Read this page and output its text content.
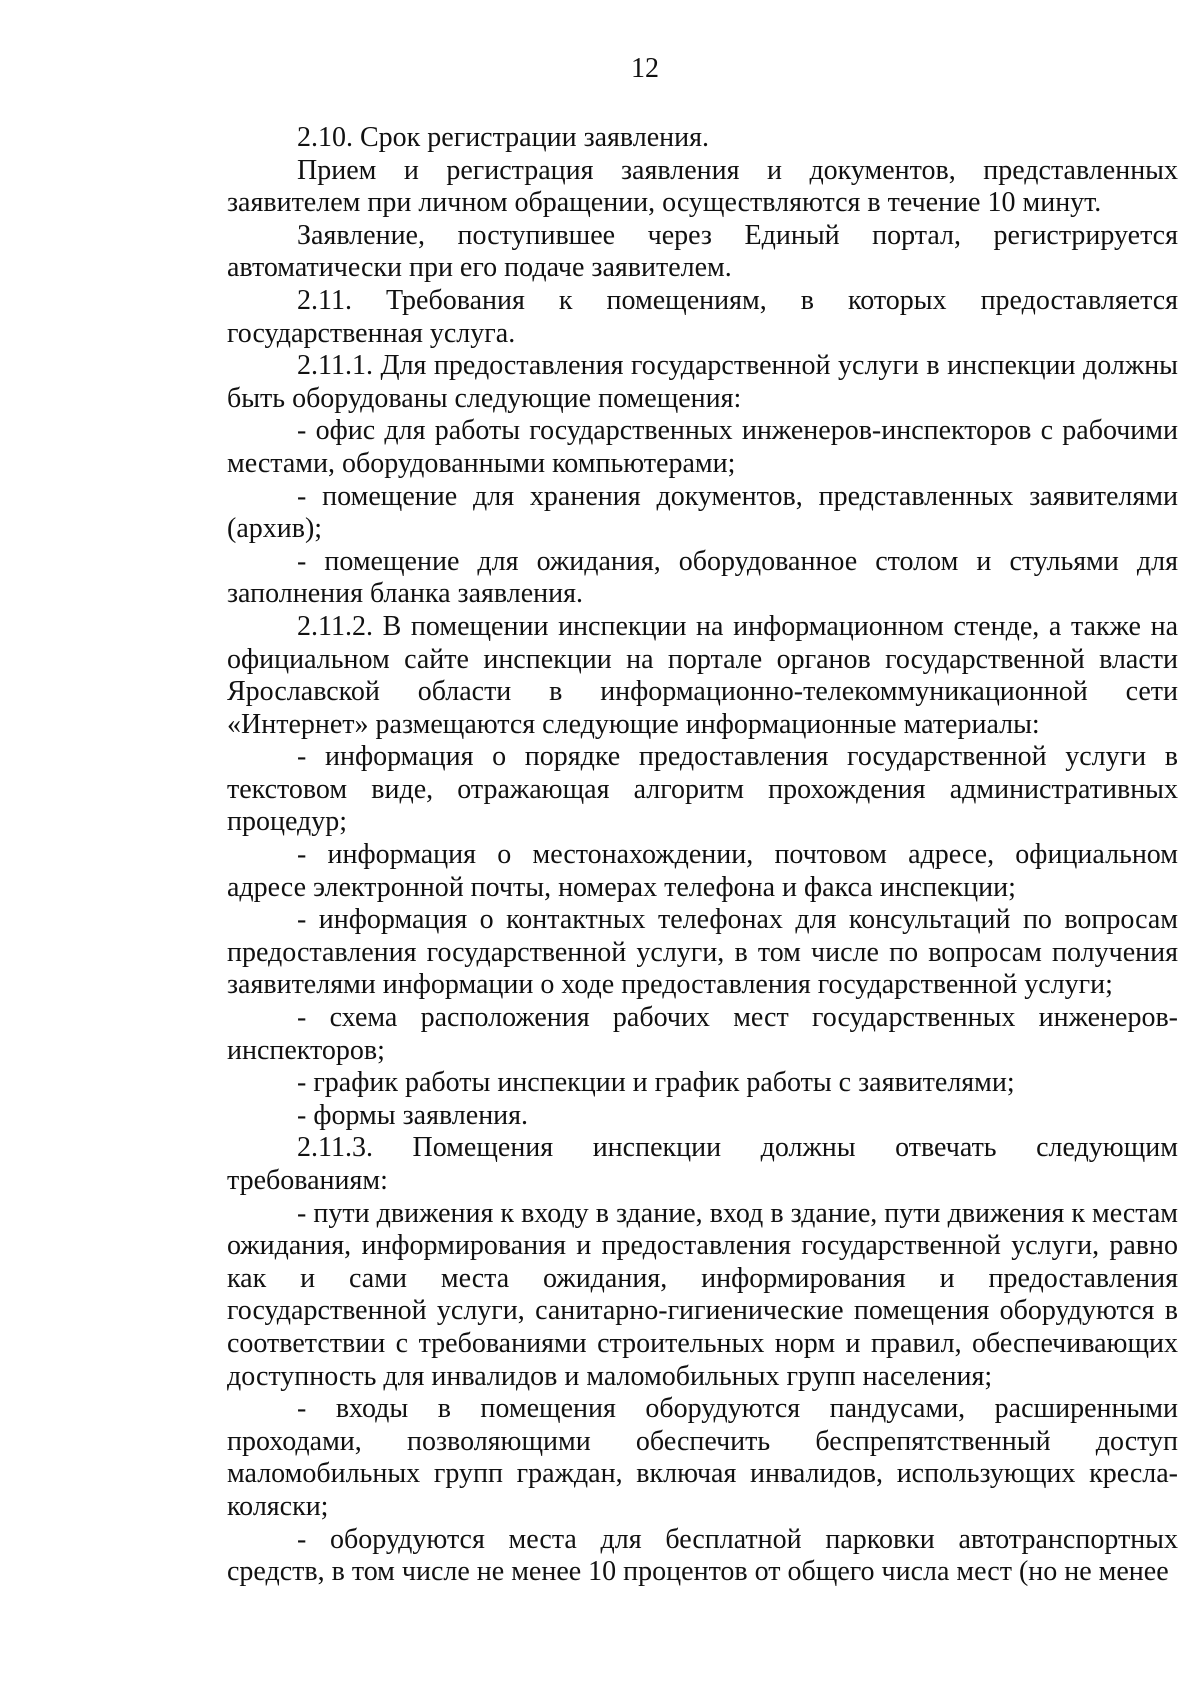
12

2.10. Срок регистрации заявления.

Прием и регистрация заявления и документов, представленных заявителем при личном обращении, осуществляются в течение 10 минут.

Заявление, поступившее через Единый портал, регистрируется автоматически при его подаче заявителем.

2.11. Требования к помещениям, в которых предоставляется государственная услуга.

2.11.1. Для предоставления государственной услуги в инспекции должны быть оборудованы следующие помещения:

- офис для работы государственных инженеров-инспекторов с рабочими местами, оборудованными компьютерами;

- помещение для хранения документов, представленных заявителями (архив);

- помещение для ожидания, оборудованное столом и стульями для заполнения бланка заявления.

2.11.2. В помещении инспекции на информационном стенде, а также на официальном сайте инспекции на портале органов государственной власти Ярославской области в информационно-телекоммуникационной сети «Интернет» размещаются следующие информационные материалы:

- информация о порядке предоставления государственной услуги в текстовом виде, отражающая алгоритм прохождения административных процедур;

- информация о местонахождении, почтовом адресе, официальном адресе электронной почты, номерах телефона и факса инспекции;

- информация о контактных телефонах для консультаций по вопросам предоставления государственной услуги, в том числе по вопросам получения заявителями информации о ходе предоставления государственной услуги;

- схема расположения рабочих мест государственных инженеров-инспекторов;

- график работы инспекции и график работы с заявителями;

- формы заявления.

2.11.3. Помещения инспекции должны отвечать следующим требованиям:

- пути движения к входу в здание, вход в здание, пути движения к местам ожидания, информирования и предоставления государственной услуги, равно как и сами места ожидания, информирования и предоставления государственной услуги, санитарно-гигиенические помещения оборудуются в соответствии с требованиями строительных норм и правил, обеспечивающих доступность для инвалидов и маломобильных групп населения;

- входы в помещения оборудуются пандусами, расширенными проходами, позволяющими обеспечить беспрепятственный доступ маломобильных групп граждан, включая инвалидов, использующих кресла-коляски;

- оборудуются места для бесплатной парковки автотранспортных средств, в том числе не менее 10 процентов от общего числа мест (но не менее
